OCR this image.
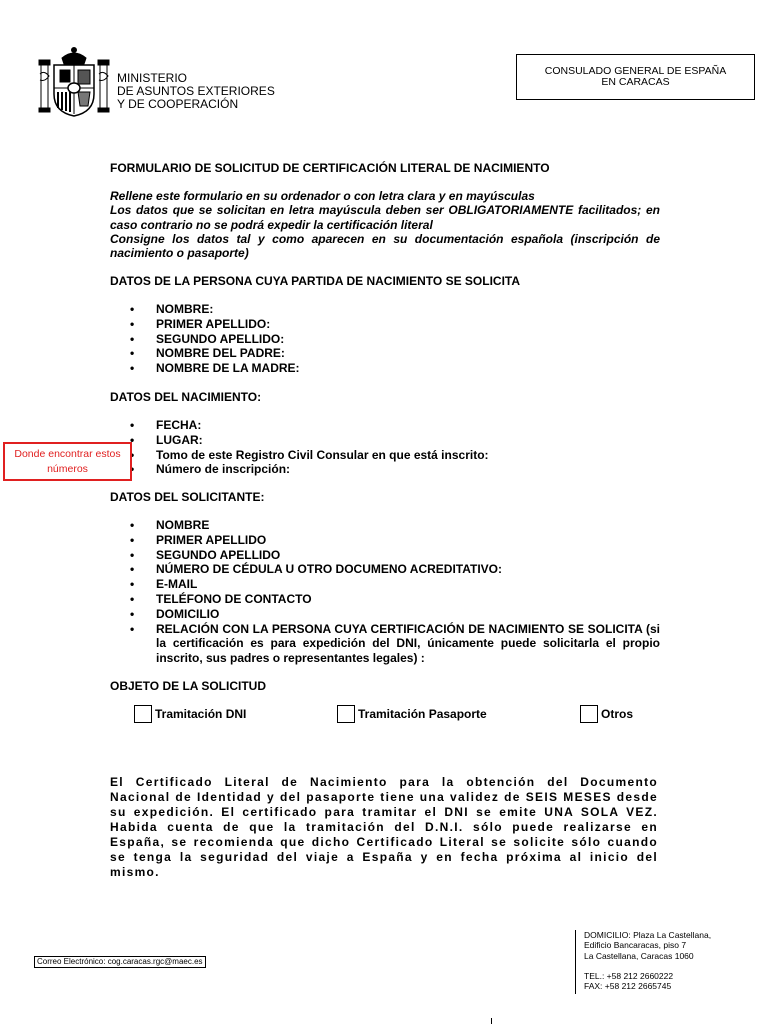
MINISTERIO
DE ASUNTOS EXTERIORES
Y DE COOPERACIÓN
CONSULADO GENERAL DE ESPAÑA
EN CARACAS
FORMULARIO DE SOLICITUD DE CERTIFICACIÓN LITERAL DE NACIMIENTO
Rellene este formulario en su ordenador o con letra clara y en mayúsculas
Los datos que se solicitan en letra mayúscula deben ser OBLIGATORIAMENTE facilitados; en caso contrario no se podrá expedir la certificación literal
Consigne los datos tal y como aparecen en su documentación española (inscripción de nacimiento o pasaporte)
DATOS DE LA PERSONA CUYA PARTIDA DE NACIMIENTO SE SOLICITA
• NOMBRE:
• PRIMER APELLIDO:
• SEGUNDO APELLIDO:
• NOMBRE DEL PADRE:
• NOMBRE DE LA MADRE:
DATOS DEL NACIMIENTO:
• FECHA:
• LUGAR:
• Tomo de este Registro Civil Consular en que está inscrito:
• Número de inscripción:
Donde encontrar estos números
DATOS DEL SOLICITANTE:
• NOMBRE
• PRIMER APELLIDO
• SEGUNDO APELLIDO
• NÚMERO DE CÉDULA U OTRO DOCUMENO ACREDITATIVO:
• E-MAIL
• TELÉFONO DE CONTACTO
• DOMICILIO
• RELACIÓN CON LA PERSONA CUYA CERTIFICACIÓN DE NACIMIENTO SE SOLICITA (si la certificación es para expedición del DNI, únicamente puede solicitarla el propio inscrito, sus padres o representantes legales) :
OBJETO DE LA SOLICITUD
Tramitación DNI	Tramitación Pasaporte	Otros
El Certificado Literal de Nacimiento para la obtención del Documento Nacional de Identidad y del pasaporte tiene una validez de SEIS MESES desde su expedición. El certificado para tramitar el DNI se emite UNA SOLA VEZ. Habida cuenta de que la tramitación del D.N.I. sólo puede realizarse en España, se recomienda que dicho Certificado Literal se solicite sólo cuando se tenga la seguridad del viaje a España y en fecha próxima al inicio del mismo.
Correo Electrónico: cog.caracas.rgc@maec.es
DOMICILIO: Plaza La Castellana,
Edificio Bancaracas, piso 7
La Castellana, Caracas 1060
TEL.: +58 212 2660222
FAX: +58 212 2665745
